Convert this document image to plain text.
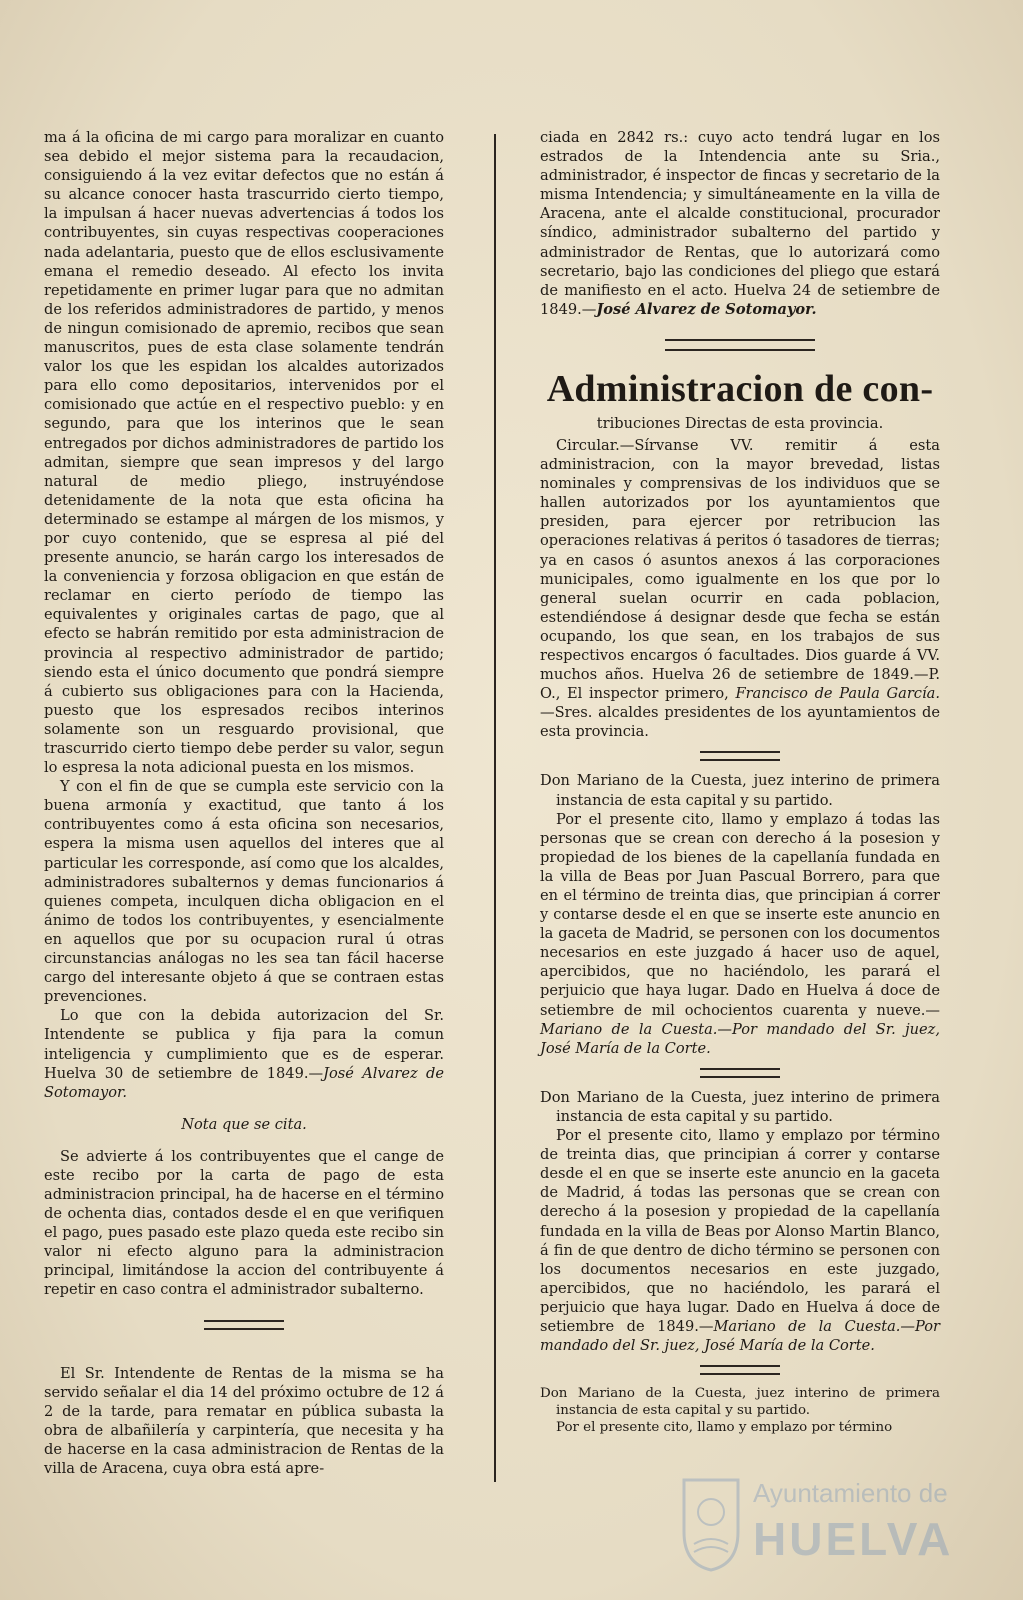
ma á la oficina de mi cargo para moralizar en cuanto sea debido el mejor sistema para la recaudacion, consiguiendo á la vez evitar defectos que no están á su alcance conocer hasta trascurrido cierto tiempo, la impulsan á hacer nuevas advertencias á todos los contribuyentes, sin cuyas respectivas cooperaciones nada adelantaria, puesto que de ellos esclusivamente emana el remedio deseado. Al efecto los invita repetidamente en primer lugar para que no admitan de los referidos administradores de partido, y menos de ningun comisionado de apremio, recibos que sean manuscritos, pues de esta clase solamente tendrán valor los que les espidan los alcaldes autorizados para ello como depositarios, intervenidos por el comisionado que actúe en el respectivo pueblo: y en segundo, para que los interinos que le sean entregados por dichos administradores de partido los admitan, siempre que sean impresos y del largo natural de medio pliego, instruyéndose detenidamente de la nota que esta oficina ha determinado se estampe al márgen de los mismos, y por cuyo contenido, que se espresa al pié del presente anuncio, se harán cargo los interesados de la conveniencia y forzosa obligacion en que están de reclamar en cierto período de tiempo las equivalentes y originales cartas de pago, que al efecto se habrán remitido por esta administracion de provincia al respectivo administrador de partido; siendo esta el único documento que pondrá siempre á cubierto sus obligaciones para con la Hacienda, puesto que los espresados recibos interinos solamente son un resguardo provisional, que trascurrido cierto tiempo debe perder su valor, segun lo espresa la nota adicional puesta en los mismos.

Y con el fin de que se cumpla este servicio con la buena armonía y exactitud, que tanto á los contribuyentes como á esta oficina son necesarios, espera la misma usen aquellos del interes que al particular les corresponde, así como que los alcaldes, administradores subalternos y demas funcionarios á quienes competa, inculquen dicha obligacion en el ánimo de todos los contribuyentes, y esencialmente en aquellos que por su ocupacion rural ú otras circunstancias análogas no les sea tan fácil hacerse cargo del interesante objeto á que se contraen estas prevenciones.

Lo que con la debida autorizacion del Sr. Intendente se publica y fija para la comun inteligencia y cumplimiento que es de esperar. Huelva 30 de setiembre de 1849.—José Alvarez de Sotomayor.

Nota que se cita.

Se advierte á los contribuyentes que el cange de este recibo por la carta de pago de esta administracion principal, ha de hacerse en el término de ochenta dias, contados desde el en que verifiquen el pago, pues pasado este plazo queda este recibo sin valor ni efecto alguno para la administracion principal, limitándose la accion del contribuyente á repetir en caso contra el administrador subalterno.

El Sr. Intendente de Rentas de la misma se ha servido señalar el dia 14 del próximo octubre de 12 á 2 de la tarde, para rematar en pública subasta la obra de albañilería y carpintería, que necesita y ha de hacerse en la casa administracion de Rentas de la villa de Aracena, cuya obra está apre-

ciada en 2842 rs.: cuyo acto tendrá lugar en los estrados de la Intendencia ante su Sria., administrador, é inspector de fincas y secretario de la misma Intendencia; y simultáneamente en la villa de Aracena, ante el alcalde constitucional, procurador síndico, administrador subalterno del partido y administrador de Rentas, que lo autorizará como secretario, bajo las condiciones del pliego que estará de manifiesto en el acto. Huelva 24 de setiembre de 1849.—José Alvarez de Sotomayor.

Administracion de con-
tribuciones Directas de esta provincia.

Circular.—Sírvanse VV. remitir á esta administracion, con la mayor brevedad, listas nominales y comprensivas de los individuos que se hallen autorizados por los ayuntamientos que presiden, para ejercer por retribucion las operaciones relativas á peritos ó tasadores de tierras; ya en casos ó asuntos anexos á las corporaciones municipales, como igualmente en los que por lo general suelan ocurrir en cada poblacion, estendiéndose á designar desde que fecha se están ocupando, los que sean, en los trabajos de sus respectivos encargos ó facultades. Dios guarde á VV. muchos años. Huelva 26 de setiembre de 1849.—P. O., El inspector primero, Francisco de Paula García.—Sres. alcaldes presidentes de los ayuntamientos de esta provincia.

Don Mariano de la Cuesta, juez interino de primera instancia de esta capital y su partido.

Por el presente cito, llamo y emplazo á todas las personas que se crean con derecho á la posesion y propiedad de los bienes de la capellanía fundada en la villa de Beas por Juan Pascual Borrero, para que en el término de treinta dias, que principian á correr y contarse desde el en que se inserte este anuncio en la gaceta de Madrid, se personen con los documentos necesarios en este juzgado á hacer uso de aquel, apercibidos, que no haciéndolo, les parará el perjuicio que haya lugar. Dado en Huelva á doce de setiembre de mil ochocientos cuarenta y nueve.—Mariano de la Cuesta.—Por mandado del Sr. juez, José María de la Corte.

Don Mariano de la Cuesta, juez interino de primera instancia de esta capital y su partido.

Por el presente cito, llamo y emplazo por término de treinta dias, que principian á correr y contarse desde el en que se inserte este anuncio en la gaceta de Madrid, á todas las personas que se crean con derecho á la posesion y propiedad de la capellanía fundada en la villa de Beas por Alonso Martin Blanco, á fin de que dentro de dicho término se personen con los documentos necesarios en este juzgado, apercibidos, que no haciéndolo, les parará el perjuicio que haya lugar. Dado en Huelva á doce de setiembre de 1849.—Mariano de la Cuesta.—Por mandado del Sr. juez, José María de la Corte.

Don Mariano de la Cuesta, juez interino de primera instancia de esta capital y su partido.

Por el presente cito, llamo y emplazo por término

Ayuntamiento de
HUELVA
